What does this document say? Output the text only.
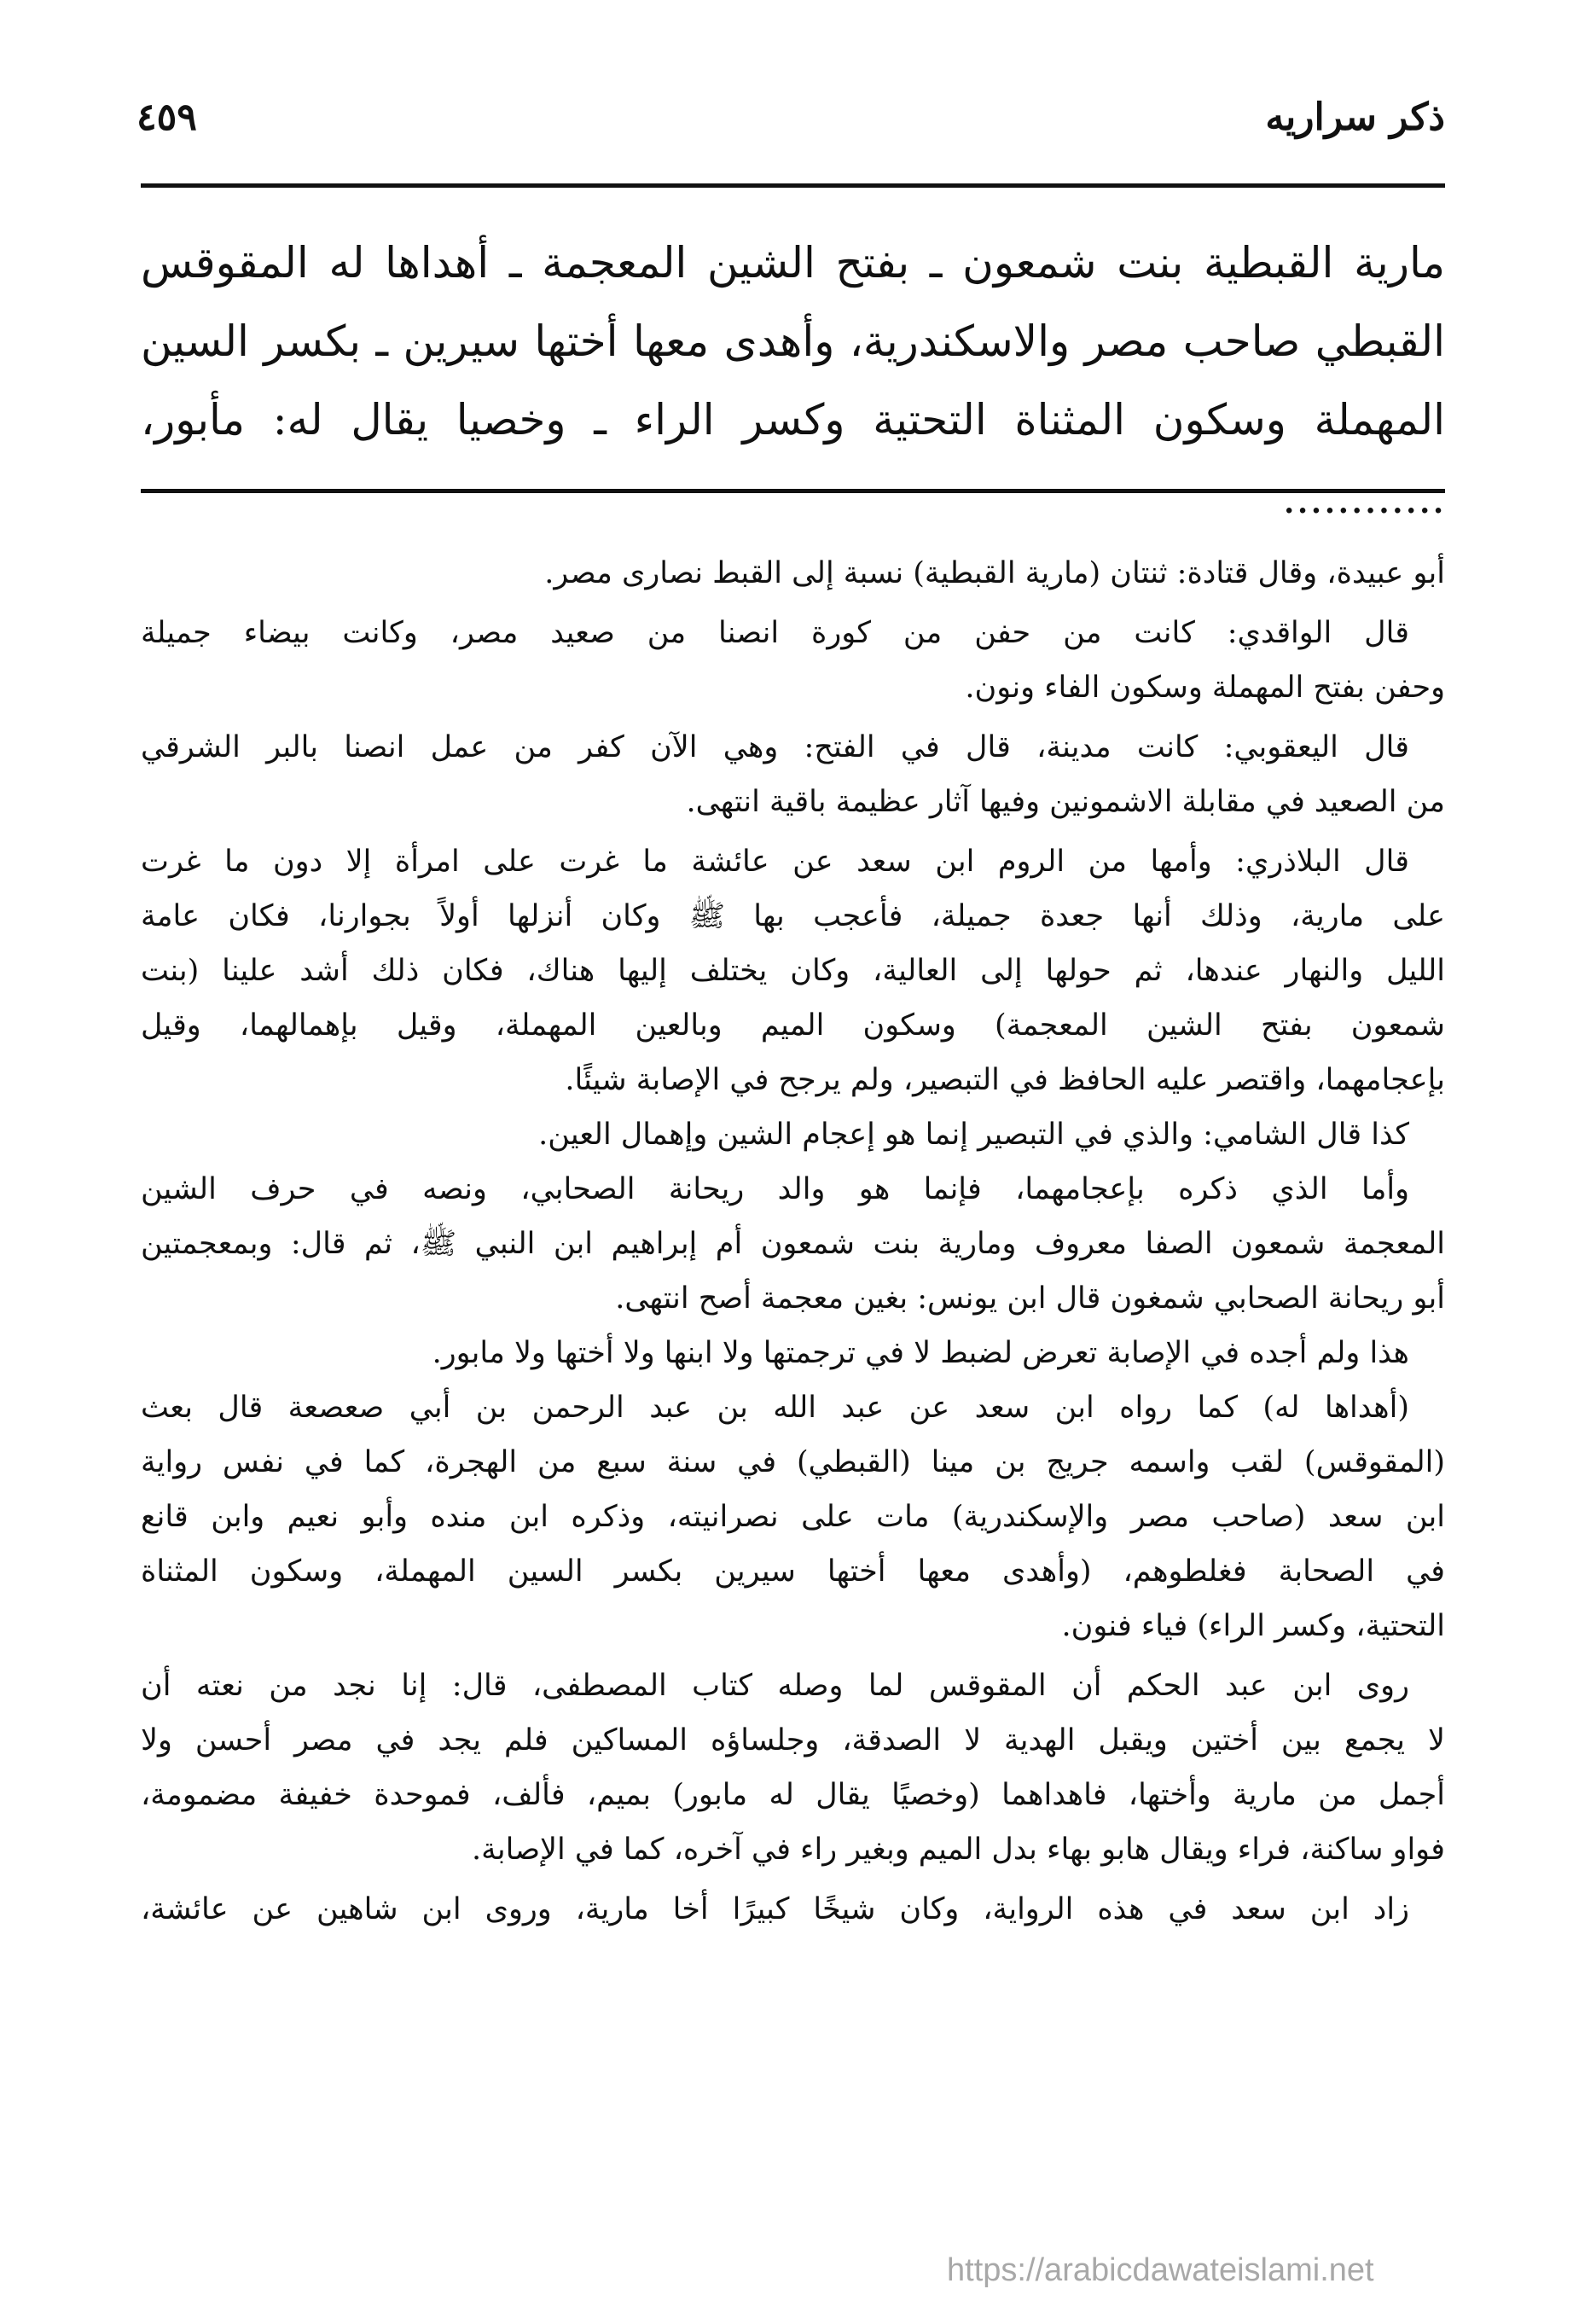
ذكر سراريه
٤٥٩
مارية القبطية بنت شمعون ـ بفتح الشين المعجمة ـ أهداها له المقوقس
القبطي صاحب مصر والاسكندرية، وأهدى معها أختها سيرين ـ بكسر السين
المهملة وسكون المثناة التحتية وكسر الراء ـ وخصيا يقال له: مأبور، ............
أبو عبيدة، وقال قتادة: ثنتان (مارية القبطية) نسبة إلى القبط نصارى مصر.
قال الواقدي: كانت من حفن من كورة انصنا من صعيد مصر، وكانت بيضاء جميلة
وحفن بفتح المهملة وسكون الفاء ونون.
قال اليعقوبي: كانت مدينة، قال في الفتح: وهي الآن كفر من عمل انصنا بالبر الشرقي
من الصعيد في مقابلة الاشمونين وفيها آثار عظيمة باقية انتهى.
قال البلاذري: وأمها من الروم ابن سعد عن عائشة ما غرت على امرأة إلا دون ما غرت
على مارية، وذلك أنها جعدة جميلة، فأعجب بها ﷺ وكان أنزلها أولاً بجوارنا، فكان عامة
الليل والنهار عندها، ثم حولها إلى العالية، وكان يختلف إليها هناك، فكان ذلك أشد علينا (بنت
شمعون بفتح الشين المعجمة) وسكون الميم وبالعين المهملة، وقيل بإهمالهما، وقيل
بإعجامهما، واقتصر عليه الحافظ في التبصير، ولم يرجح في الإصابة شيئًا.
كذا قال الشامي: والذي في التبصير إنما هو إعجام الشين وإهمال العين.
وأما الذي ذكره بإعجامهما، فإنما هو والد ريحانة الصحابي، ونصه في حرف الشين
المعجمة شمعون الصفا معروف ومارية بنت شمعون أم إبراهيم ابن النبي ﷺ، ثم قال: وبمعجمتين
أبو ريحانة الصحابي شمغون قال ابن يونس: بغين معجمة أصح انتهى.
هذا ولم أجده في الإصابة تعرض لضبط لا في ترجمتها ولا ابنها ولا أختها ولا مابور.
(أهداها له) كما رواه ابن سعد عن عبد الله بن عبد الرحمن بن أبي صعصعة قال بعث
(المقوقس) لقب واسمه جريج بن مينا (القبطي) في سنة سبع من الهجرة، كما في نفس رواية
ابن سعد (صاحب مصر والإسكندرية) مات على نصرانيته، وذكره ابن منده وأبو نعيم وابن قانع
في الصحابة فغلطوهم، (وأهدى معها أختها سيرين بكسر السين المهملة، وسكون المثناة
التحتية، وكسر الراء) فياء فنون.
روى ابن عبد الحكم أن المقوقس لما وصله كتاب المصطفى، قال: إنا نجد من نعته أن
لا يجمع بين أختين ويقبل الهدية لا الصدقة، وجلساؤه المساكين فلم يجد في مصر أحسن ولا
أجمل من مارية وأختها، فاهداهما (وخصيًا يقال له مابور) بميم، فألف، فموحدة خفيفة مضمومة،
فواو ساكنة، فراء ويقال هابو بهاء بدل الميم وبغير راء في آخره، كما في الإصابة.
زاد ابن سعد في هذه الرواية، وكان شيخًا كبيرًا أخا مارية، وروى ابن شاهين عن عائشة،
https://arabicdawateislami.net
